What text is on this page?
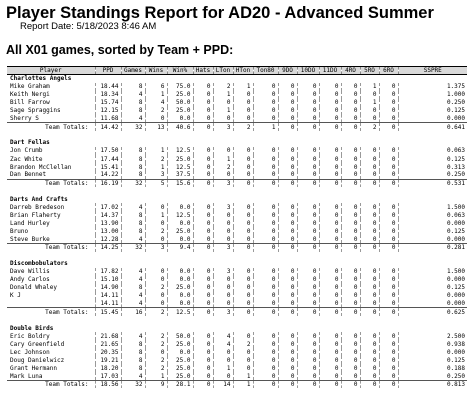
Player Standings Report for AD20 - Advanced Summer
Report Date: 5/18/2023 8:46 AM
All X01 games, sorted by Team + PPD:
Player	PPD	Games	Wins	Win%	Hats	LTon	HTon	Ton80	9DO	10DO	11DO	4RO	5RO	6RO	SSPRE
Charlottes Angels															
Mike Graham	18.44	8	6	75.0	0	2	1	0	0	0	0	0	1	0	1.375
Keith Nergi	18.34	4	1	25.0	0	1	0	0	0	0	0	0	0	0	1.000
Bill Farrow	15.74	8	4	50.0	0	0	0	0	0	0	0	0	1	0	0.250
Sage Spraggins	12.15	8	2	25.0	0	1	0	0	0	0	0	0	0	0	0.125
Sherry S	11.68	4	0	0.0	0	0	0	0	0	0	0	0	0	0	0.000
Team Totals:	14.42	32	13	40.6	0	3	2	1	0	0	0	0	2	0	0.641

Dart Fellas															
Jon Crumb	17.50	8	1	12.5	0	0	0	0	0	0	0	0	0	0	0.063
Zac White	17.44	8	2	25.0	0	1	0	0	0	0	0	0	0	0	0.125
Brandon McClellan	15.41	8	1	12.5	0	2	0	0	0	0	0	0	0	0	0.313
Dan Bennet	14.22	8	3	37.5	0	0	0	0	0	0	0	0	0	0	0.250
Team Totals:	16.19	32	5	15.6	0	3	0	0	0	0	0	0	0	0	0.531

Darts And Crafts															
Darreb Bredeson	17.02	4	0	0.0	0	3	0	0	0	0	0	0	0	0	1.500
Brian Flaherty	14.37	8	1	12.5	0	0	0	0	0	0	0	0	0	0	0.063
Land Hurley	13.90	8	0	0.0	0	0	0	0	0	0	0	0	0	0	0.000
Bruno	13.00	8	2	25.0	0	0	0	0	0	0	0	0	0	0	0.125
Steve Burke	12.28	4	0	0.0	0	0	0	0	0	0	0	0	0	0	0.000
Team Totals:	14.25	32	3	9.4	0	3	0	0	0	0	0	0	0	0	0.281

Discombobulators															
Dave Willis	17.82	4	0	0.0	0	3	0	0	0	0	0	0	0	0	1.500
Andy Carlos	15.10	4	0	0.0	0	0	0	0	0	0	0	0	0	0	0.000
Donald Whaley	14.90	8	2	25.0	0	0	0	0	0	0	0	0	0	0	0.125
K J	14.11	4	0	0.0	0	0	0	0	0	0	0	0	0	0	0.000
	14.11	4	0	0.0	0	0	0	0	0	0	0	0	0	0	0.000
Team Totals:	15.45	16	2	12.5	0	3	0	0	0	0	0	0	0	0	0.625

Double Birds															
Eric Boldry	21.68	4	2	50.0	0	4	0	0	0	0	0	0	0	0	2.500
Cary Greenfield	21.65	8	2	25.0	0	4	2	0	0	0	0	0	0	0	0.938
Lec Johnson	20.35	8	0	0.0	0	0	0	0	0	0	0	0	0	0	0.000
Doug Danielwicz	19.21	8	2	25.0	0	0	0	0	0	0	0	0	0	0	0.125
Grant Hermann	18.20	8	2	25.0	0	1	0	0	0	0	0	0	0	0	0.188
Mark Luna	17.03	4	1	25.0	0	0	1	0	0	0	0	0	0	0	0.250
Team Totals:	18.56	32	9	28.1	0	14	1	0	0	0	0	0	0	0	0.813
